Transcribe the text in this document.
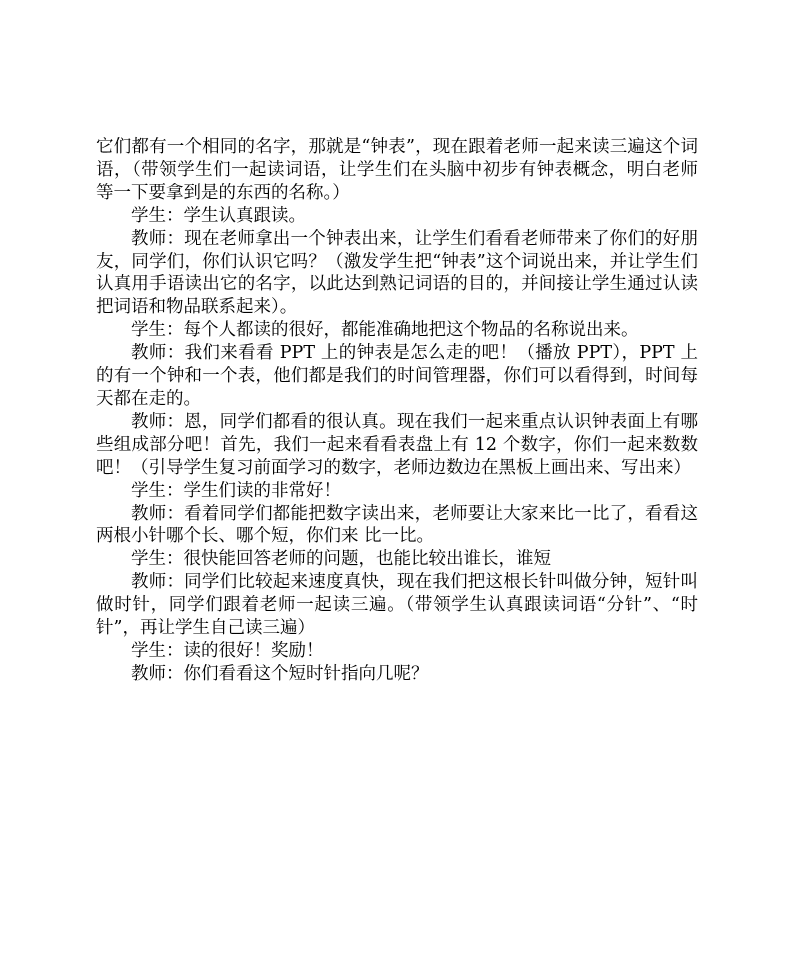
它们都有一个相同的名字，那就是“钟表”，现在跟着老师一起来读三遍这个词语，（带领学生们一起读词语，让学生们在头脑中初步有钟表概念，明白老师等一下要拿到是的东西的名称。）

学生：学生认真跟读。

教师：现在老师拿出一个钟表出来，让学生们看看老师带来了你们的好朋友，同学们，你们认识它吗？（激发学生把“钟表”这个词说出来，并让学生们认真用手语读出它的名字，以此达到熟记词语的目的，并间接让学生通过认读把词语和物品联系起来）。

学生：每个人都读的很好，都能准确地把这个物品的名称说出来。

教师：我们来看看 PPT 上的钟表是怎么走的吧！（播放 PPT），PPT 上的有一个钟和一个表，他们都是我们的时间管理器，你们可以看得到，时间每天都在走的。

教师：恩，同学们都看的很认真。现在我们一起来重点认识钟表面上有哪些组成部分吧！首先，我们一起来看看表盘上有 12 个数字，你们一起来数数吧！（引导学生复习前面学习的数字，老师边数边在黑板上画出来、写出来）

学生：学生们读的非常好！

教师：看着同学们都能把数字读出来，老师要让大家来比一比了，看看这两根小针哪个长、哪个短，你们来 比一比。

学生：很快能回答老师的问题，也能比较出谁长，谁短

教师：同学们比较起来速度真快，现在我们把这根长针叫做分钟，短针叫做时针，同学们跟着老师一起读三遍。（带领学生认真跟读词语“分针”、“时针”，再让学生自己读三遍）

学生：读的很好！奖励！

教师：你们看看这个短时针指向几呢？
